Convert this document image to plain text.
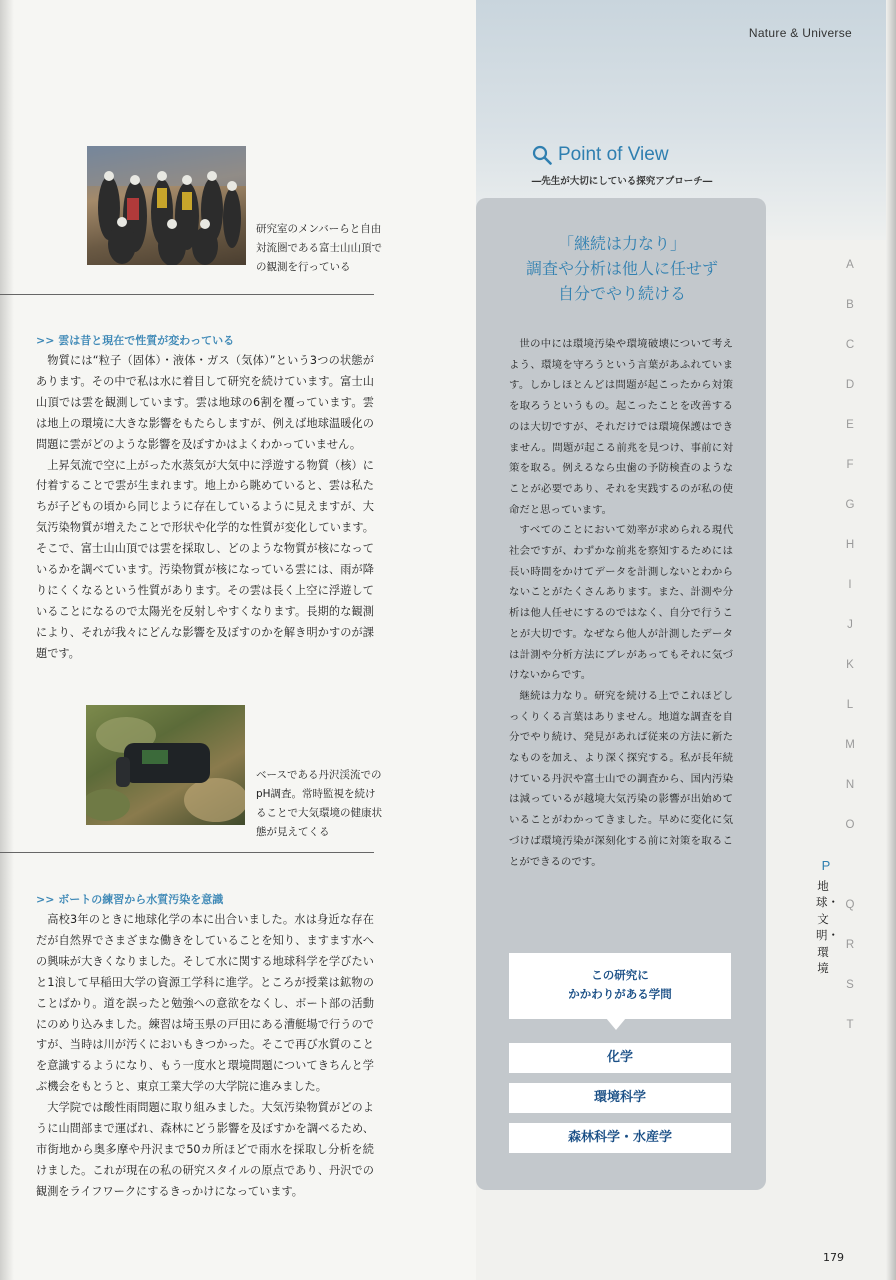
Nature & Universe
研究室のメンバーらと自由対流圏である富士山山頂での観測を行っている
>> 雲は昔と現在で性質が変わっている

物質には“粒子（固体）・液体・ガス（気体）”という3つの状態があります。その中で私は水に着目して研究を続けています。富士山山頂では雲を観測しています。雲は地球の6割を覆っています。雲は地上の環境に大きな影響をもたらしますが、例えば地球温暖化の問題に雲がどのような影響を及ぼすかはよくわかっていません。

上昇気流で空に上がった水蒸気が大気中に浮遊する物質（核）に付着することで雲が生まれます。地上から眺めていると、雲は私たちが子どもの頃から同じように存在しているように見えますが、大気汚染物質が増えたことで形状や化学的な性質が変化しています。そこで、富士山山頂では雲を採取し、どのような物質が核になっているかを調べています。汚染物質が核になっている雲には、雨が降りにくくなるという性質があります。その雲は長く上空に浮遊していることになるので太陽光を反射しやすくなります。長期的な観測により、それが我々にどんな影響を及ぼすのかを解き明かすのが課題です。

ベースである丹沢渓流でのpH調査。常時監視を続けることで大気環境の健康状態が見えてくる
>> ボートの練習から水質汚染を意識

高校3年のときに地球化学の本に出合いました。水は身近な存在だが自然界でさまざまな働きをしていることを知り、ますます水への興味が大きくなりました。そして水に関する地球科学を学びたいと1浪して早稲田大学の資源工学科に進学。ところが授業は鉱物のことばかり。道を誤ったと勉強への意欲をなくし、ボート部の活動にのめり込みました。練習は埼玉県の戸田にある漕艇場で行うのですが、当時は川が汚くにおいもきつかった。そこで再び水質のことを意識するようになり、もう一度水と環境問題についてきちんと学ぶ機会をもとうと、東京工業大学の大学院に進みました。

大学院では酸性雨問題に取り組みました。大気汚染物質がどのように山間部まで運ばれ、森林にどう影響を及ぼすかを調べるため、市街地から奥多摩や丹沢まで50カ所ほどで雨水を採取し分析を続けました。これが現在の私の研究スタイルの原点であり、丹沢での観測をライフワークにするきっかけになっています。

Point of View
―先生が大切にしている探究アプローチ―
「継続は力なり」
調査や分析は他人に任せず
自分でやり続ける

世の中には環境汚染や環境破壊について考えよう、環境を守ろうという言葉があふれています。しかしほとんどは問題が起こったから対策を取ろうというもの。起こったことを改善するのは大切ですが、それだけでは環境保護はできません。問題が起こる前兆を見つけ、事前に対策を取る。例えるなら虫歯の予防検査のようなことが必要であり、それを実践するのが私の使命だと思っています。

すべてのことにおいて効率が求められる現代社会ですが、わずかな前兆を察知するためには長い時間をかけてデータを計測しないとわからないことがたくさんあります。また、計測や分析は他人任せにするのではなく、自分で行うことが大切です。なぜなら他人が計測したデータは計測や分析方法にブレがあってもそれに気づけないからです。

継続は力なり。研究を続ける上でこれほどしっくりくる言葉はありません。地道な調査を自分でやり続け、発見があれば従来の方法に新たなものを加え、より深く探究する。私が長年続けている丹沢や富士山での調査から、国内汚染は減っているが越境大気汚染の影響が出始めていることがわかってきました。早めに変化に気づけば環境汚染が深刻化する前に対策を取ることができるのです。

この研究に
かかわりがある学問
化学
環境科学
森林科学・水産学
A
B
C
D
E
F
G
H
I
J
K
L
M
N
O
P
地球・文明・環境
Q
R
S
T
179
